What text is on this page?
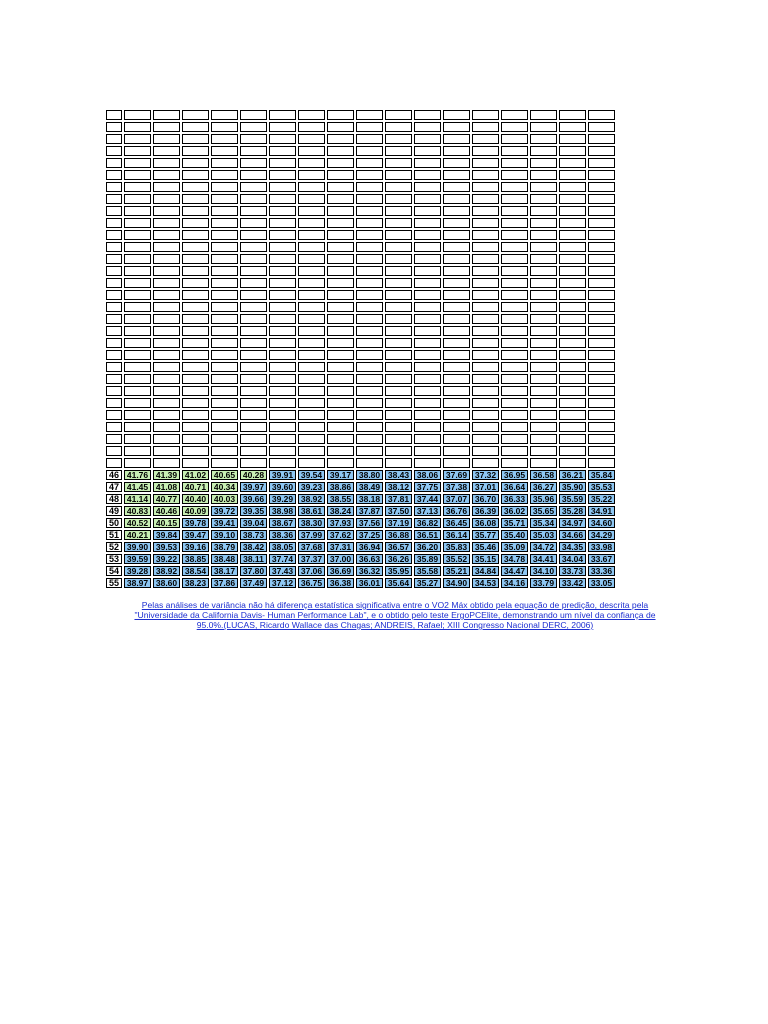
46	41.76	41.39	41.02	40.65	40.28	39.91	39.54	39.17	38.80	38.43	38.06	37.69	37.32	36.95	36.58	36.21	35.84
47	41.45	41.08	40.71	40.34	39.97	39.60	39.23	38.86	38.49	38.12	37.75	37.38	37.01	36.64	36.27	35.90	35.53
48	41.14	40.77	40.40	40.03	39.66	39.29	38.92	38.55	38.18	37.81	37.44	37.07	36.70	36.33	35.96	35.59	35.22
49	40.83	40.46	40.09	39.72	39.35	38.98	38.61	38.24	37.87	37.50	37.13	36.76	36.39	36.02	35.65	35.28	34.91
50	40.52	40.15	39.78	39.41	39.04	38.67	38.30	37.93	37.56	37.19	36.82	36.45	36.08	35.71	35.34	34.97	34.60
51	40.21	39.84	39.47	39.10	38.73	38.36	37.99	37.62	37.25	36.88	36.51	36.14	35.77	35.40	35.03	34.66	34.29
52	39.90	39.53	39.16	38.79	38.42	38.05	37.68	37.31	36.94	36.57	36.20	35.83	35.46	35.09	34.72	34.35	33.98
53	39.59	39.22	38.85	38.48	38.11	37.74	37.37	37.00	36.63	36.26	35.89	35.52	35.15	34.78	34.41	34.04	33.67
54	39.28	38.92	38.54	38.17	37.80	37.43	37.06	36.69	36.32	35.95	35.58	35.21	34.84	34.47	34.10	33.73	33.36
55	38.97	38.60	38.23	37.86	37.49	37.12	36.75	36.38	36.01	35.64	35.27	34.90	34.53	34.16	33.79	33.42	33.05
Pelas análises de variância não há diferença estatística significativa entre o VO2 Máx obtido pela equação de predição, descrita pela
"Universidade da California Davis- Human Performance Lab", e o obtido pelo teste ErgoPCElite, demonstrando um nível da confiança de
95.0%.(LUCAS, Ricardo Wallace das Chagas; ANDREIS, Rafael; XIII Congresso Nacional DERC, 2006)
